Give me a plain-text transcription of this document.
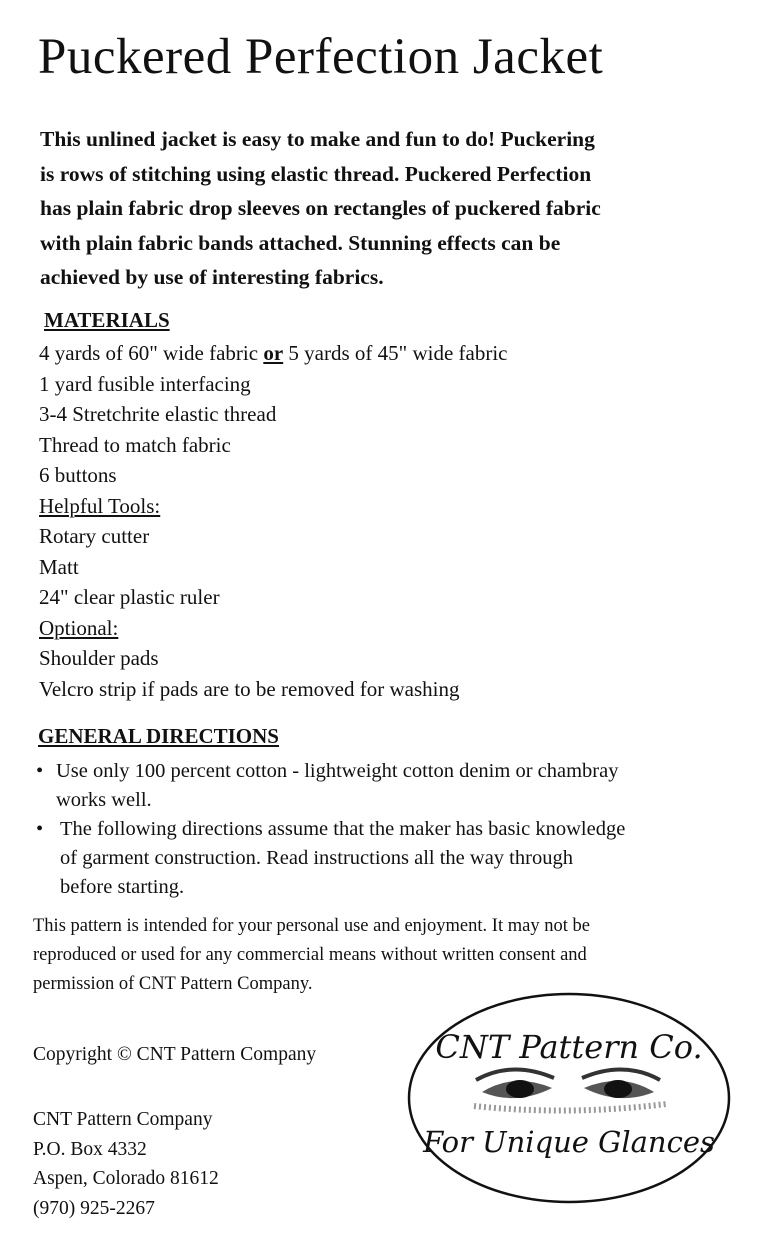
Puckered Perfection Jacket

This unlined jacket is easy to make and fun to do! Puckering
is rows of stitching using elastic thread. Puckered Perfection
has plain fabric drop sleeves on rectangles of puckered fabric
with plain fabric bands attached. Stunning effects can be
achieved by use of interesting fabrics.

MATERIALS
4 yards of 60" wide fabric or 5 yards of 45" wide fabric
1 yard fusible interfacing
3-4 Stretchrite elastic thread
Thread to match fabric
6 buttons
Helpful Tools:
Rotary cutter
Matt
24" clear plastic ruler
Optional:
Shoulder pads
Velcro strip if pads are to be removed for washing
GENERAL DIRECTIONS
• Use only 100 percent cotton - lightweight cotton denim or chambray
works well.
• The following directions assume that the maker has basic knowledge
of garment construction. Read instructions all the way through
before starting.

This pattern is intended for your personal use and enjoyment. It may not be
reproduced or used for any commercial means without written consent and
permission of CNT Pattern Company.

Copyright © CNT Pattern Company

CNT Pattern Company
P.O. Box 4332
Aspen, Colorado 81612
(970) 925-2267

CNT Pattern Co.
For Unique Glances
